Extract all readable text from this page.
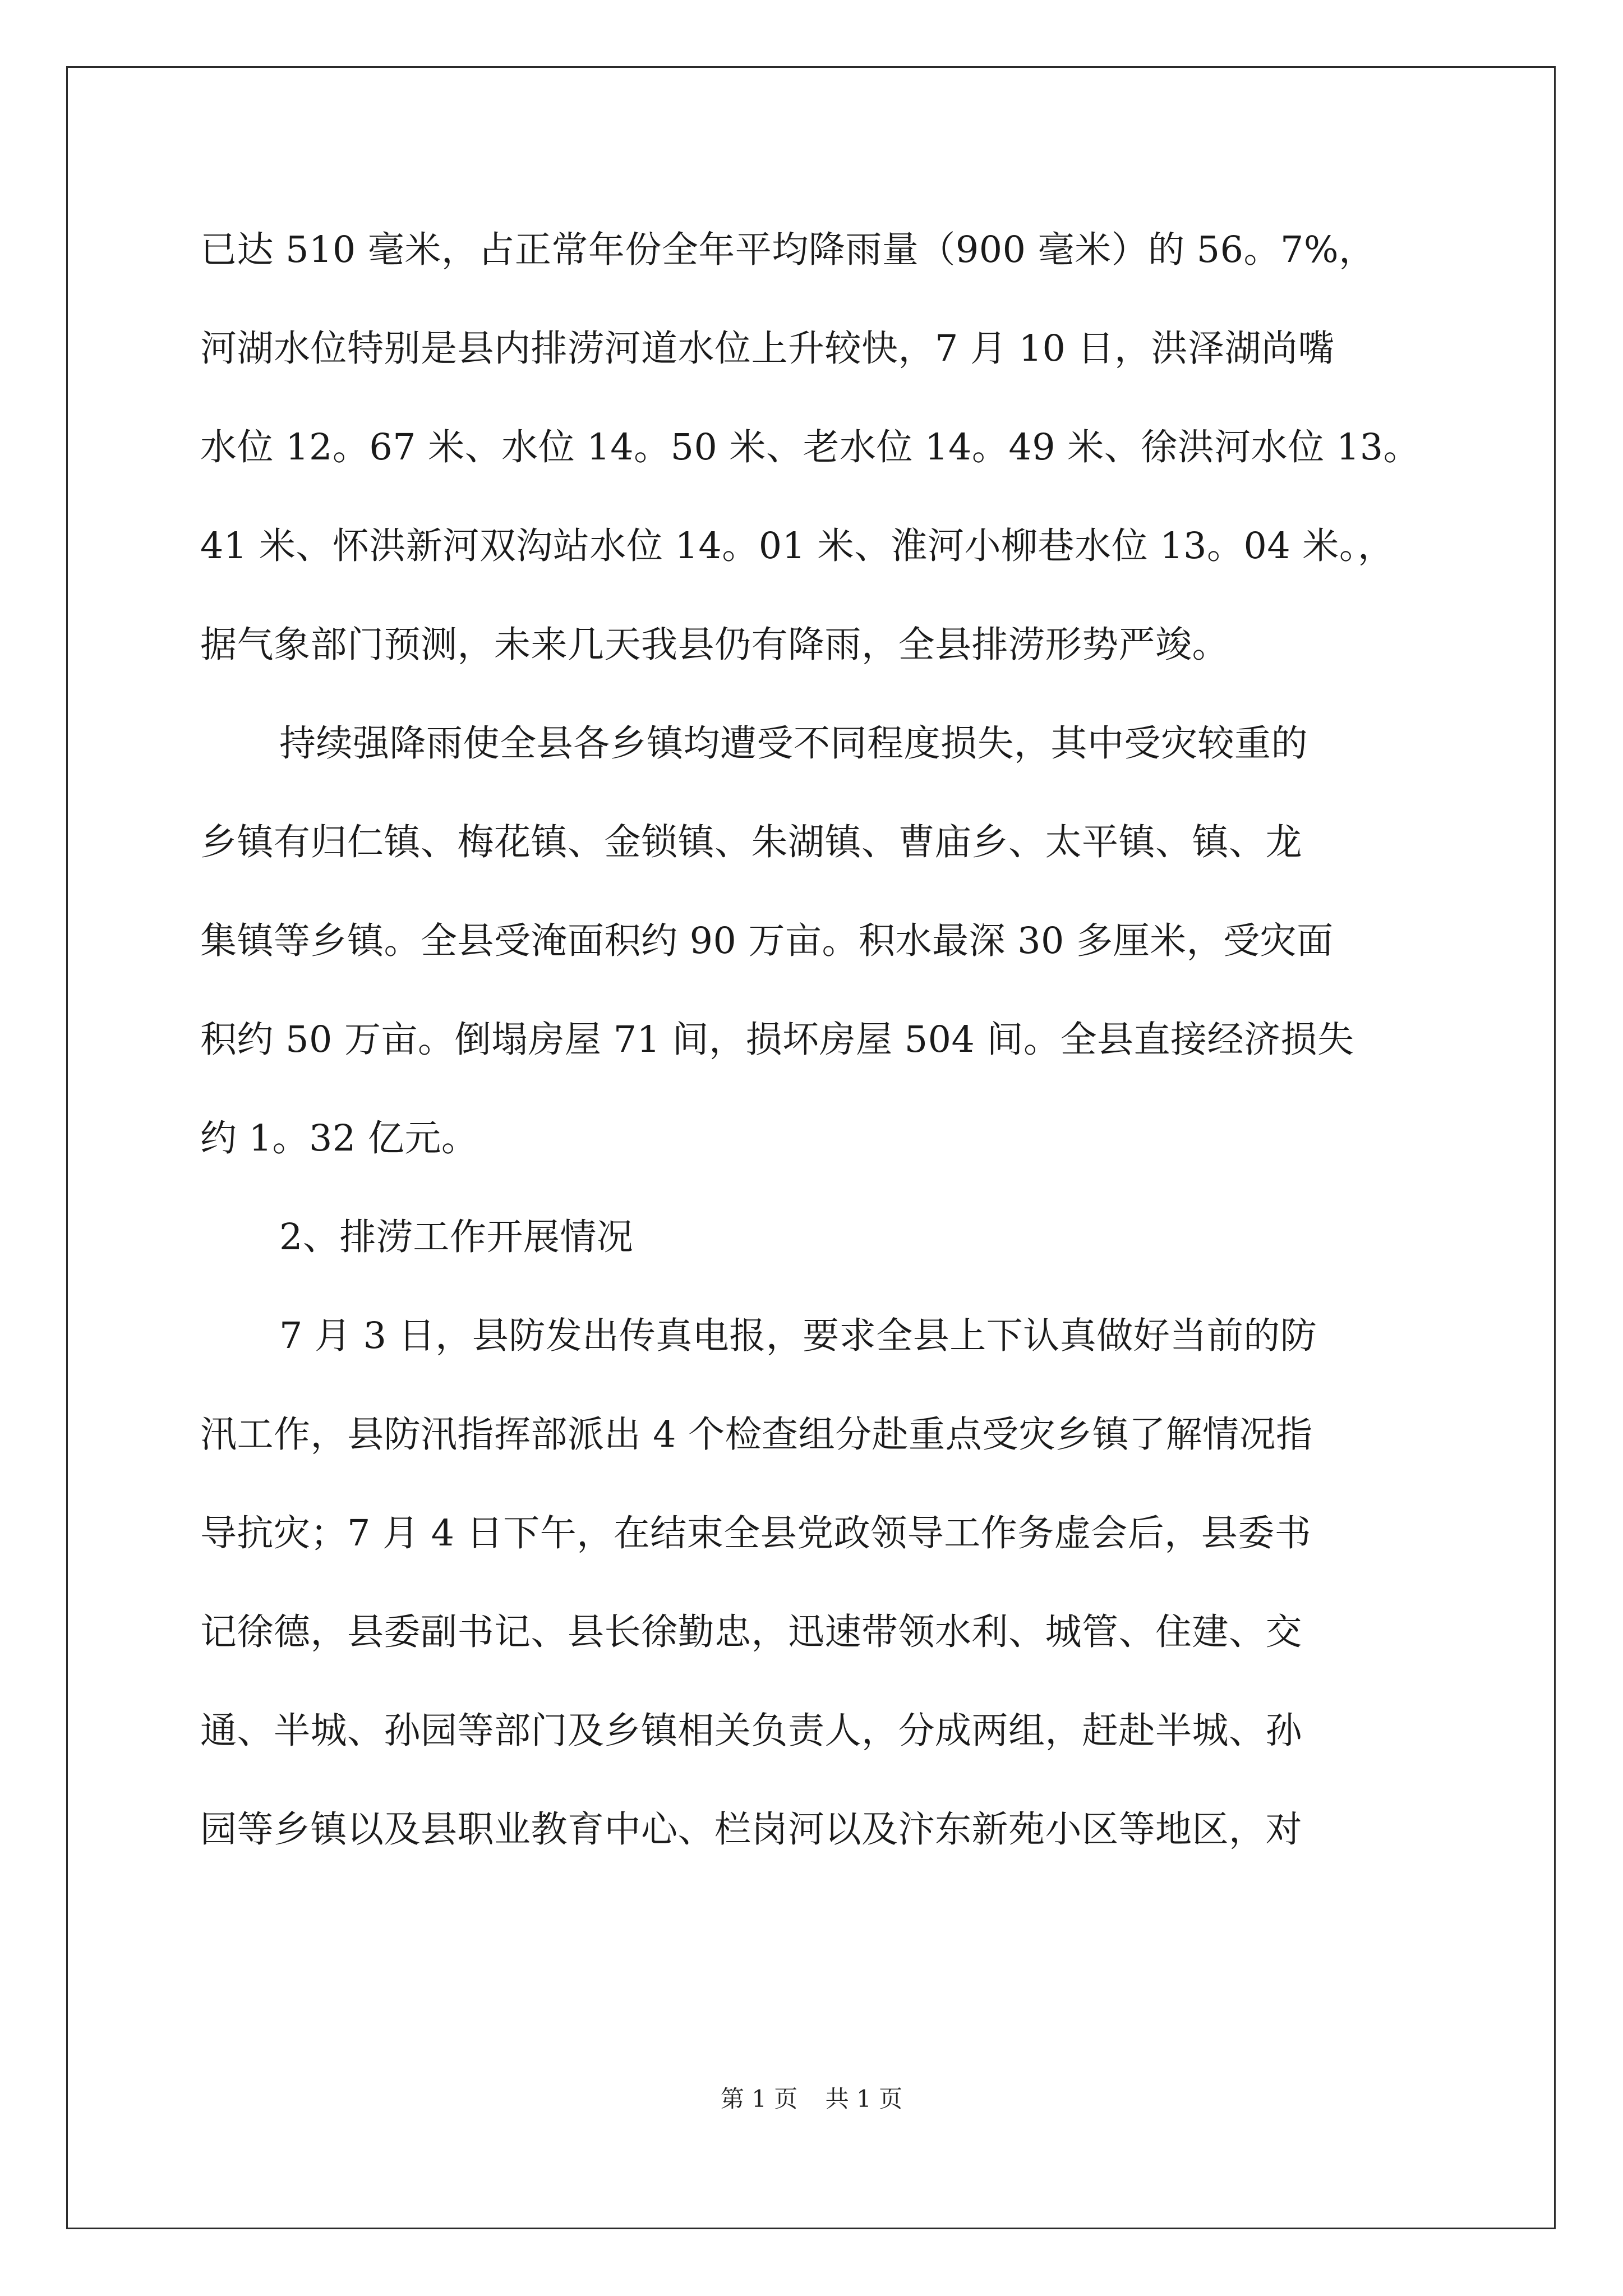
已达 510 毫米，占正常年份全年平均降雨量（900 毫米）的 56。7%，
河湖水位特别是县内排涝河道水位上升较快，7 月 10 日，洪泽湖尚嘴
水位 12。67 米、水位 14。50 米、老水位 14。49 米、徐洪河水位 13。
41 米、怀洪新河双沟站水位 14。01 米、淮河小柳巷水位 13。04 米。，
据气象部门预测，未来几天我县仍有降雨，全县排涝形势严竣。
持续强降雨使全县各乡镇均遭受不同程度损失，其中受灾较重的
乡镇有归仁镇、梅花镇、金锁镇、朱湖镇、曹庙乡、太平镇、镇、龙
集镇等乡镇。全县受淹面积约 90 万亩。积水最深 30 多厘米，受灾面
积约 50 万亩。倒塌房屋 71 间，损坏房屋 504 间。全县直接经济损失
约 1。32 亿元。
2、排涝工作开展情况
7 月 3 日，县防发出传真电报，要求全县上下认真做好当前的防
汛工作，县防汛指挥部派出 4 个检查组分赴重点受灾乡镇了解情况指
导抗灾；7 月 4 日下午，在结束全县党政领导工作务虚会后，县委书
记徐德，县委副书记、县长徐勤忠，迅速带领水利、城管、住建、交
通、半城、孙园等部门及乡镇相关负责人，分成两组，赶赴半城、孙
园等乡镇以及县职业教育中心、栏岗河以及汴东新苑小区等地区，对
第 1 页 共 1 页
